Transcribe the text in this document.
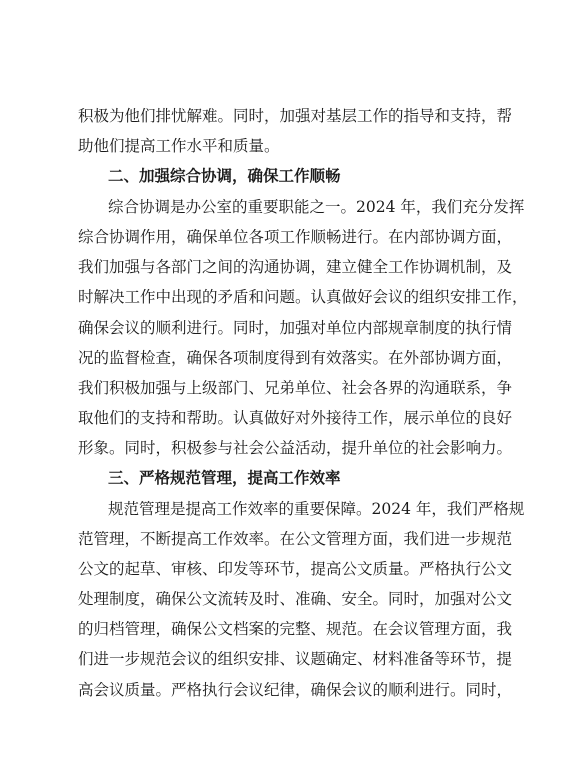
积极为他们排忧解难。同时，加强对基层工作的指导和支持，帮
助他们提高工作水平和质量。
二、加强综合协调，确保工作顺畅
综合协调是办公室的重要职能之一。2024 年，我们充分发挥
综合协调作用，确保单位各项工作顺畅进行。在内部协调方面，
我们加强与各部门之间的沟通协调，建立健全工作协调机制，及
时解决工作中出现的矛盾和问题。认真做好会议的组织安排工作，
确保会议的顺利进行。同时，加强对单位内部规章制度的执行情
况的监督检查，确保各项制度得到有效落实。在外部协调方面，
我们积极加强与上级部门、兄弟单位、社会各界的沟通联系，争
取他们的支持和帮助。认真做好对外接待工作，展示单位的良好
形象。同时，积极参与社会公益活动，提升单位的社会影响力。
三、严格规范管理，提高工作效率
规范管理是提高工作效率的重要保障。2024 年，我们严格规
范管理，不断提高工作效率。在公文管理方面，我们进一步规范
公文的起草、审核、印发等环节，提高公文质量。严格执行公文
处理制度，确保公文流转及时、准确、安全。同时，加强对公文
的归档管理，确保公文档案的完整、规范。在会议管理方面，我
们进一步规范会议的组织安排、议题确定、材料准备等环节，提
高会议质量。严格执行会议纪律，确保会议的顺利进行。同时，
